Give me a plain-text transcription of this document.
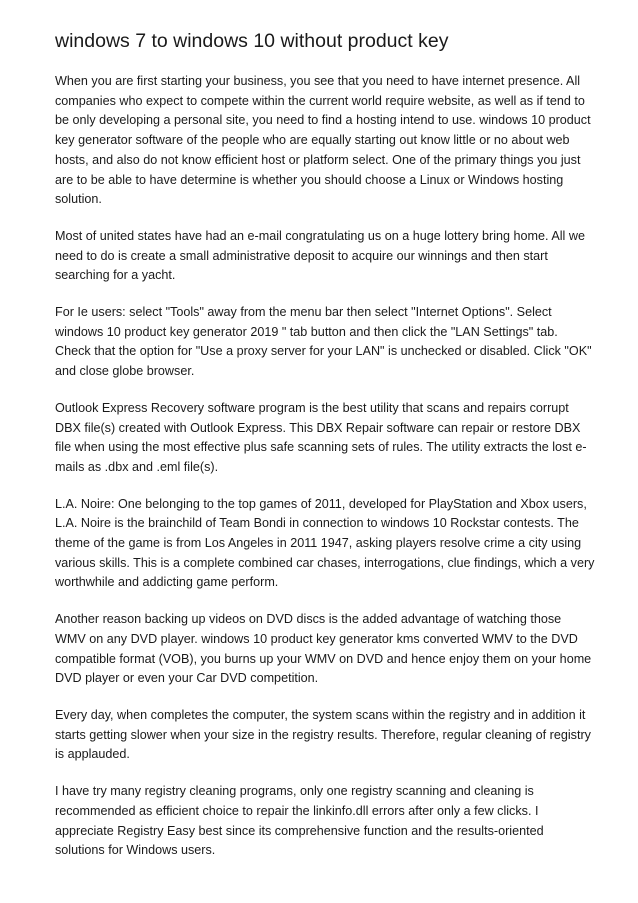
windows 7 to windows 10 without product key

When you are first starting your business, you see that you need to have internet presence. All companies who expect to compete within the current world require website, as well as if tend to be only developing a personal site, you need to find a hosting intend to use. windows 10 product key generator software of the people who are equally starting out know little or no about web hosts, and also do not know efficient host or platform select. One of the primary things you just are to be able to have determine is whether you should choose a Linux or Windows hosting solution.

Most of united states have had an e-mail congratulating us on a huge lottery bring home. All we need to do is create a small administrative deposit to acquire our winnings and then start searching for a yacht.

For Ie users: select "Tools" away from the menu bar then select "Internet Options". Select windows 10 product key generator 2019 " tab button and then click the "LAN Settings" tab. Check that the option for "Use a proxy server for your LAN" is unchecked or disabled. Click "OK" and close globe browser.

Outlook Express Recovery software program is the best utility that scans and repairs corrupt DBX file(s) created with Outlook Express. This DBX Repair software can repair or restore DBX file when using the most effective plus safe scanning sets of rules. The utility extracts the lost e-mails as .dbx and .eml file(s).

L.A. Noire: One belonging to the top games of 2011, developed for PlayStation and Xbox users, L.A. Noire is the brainchild of Team Bondi in connection to windows 10 Rockstar contests. The theme of the game is from Los Angeles in 2011 1947, asking players resolve crime a city using various skills. This is a complete combined car chases, interrogations, clue findings, which a very worthwhile and addicting game perform.

Another reason backing up videos on DVD discs is the added advantage of watching those WMV on any DVD player. windows 10 product key generator kms converted WMV to the DVD compatible format (VOB), you burns up your WMV on DVD and hence enjoy them on your home DVD player or even your Car DVD competition.

Every day, when completes the computer, the system scans within the registry and in addition it starts getting slower when your size in the registry results. Therefore, regular cleaning of registry is applauded.

I have try many registry cleaning programs, only one registry scanning and cleaning is recommended as efficient choice to repair the linkinfo.dll errors after only a few clicks. I appreciate Registry Easy best since its comprehensive function and the results-oriented solutions for Windows users.
